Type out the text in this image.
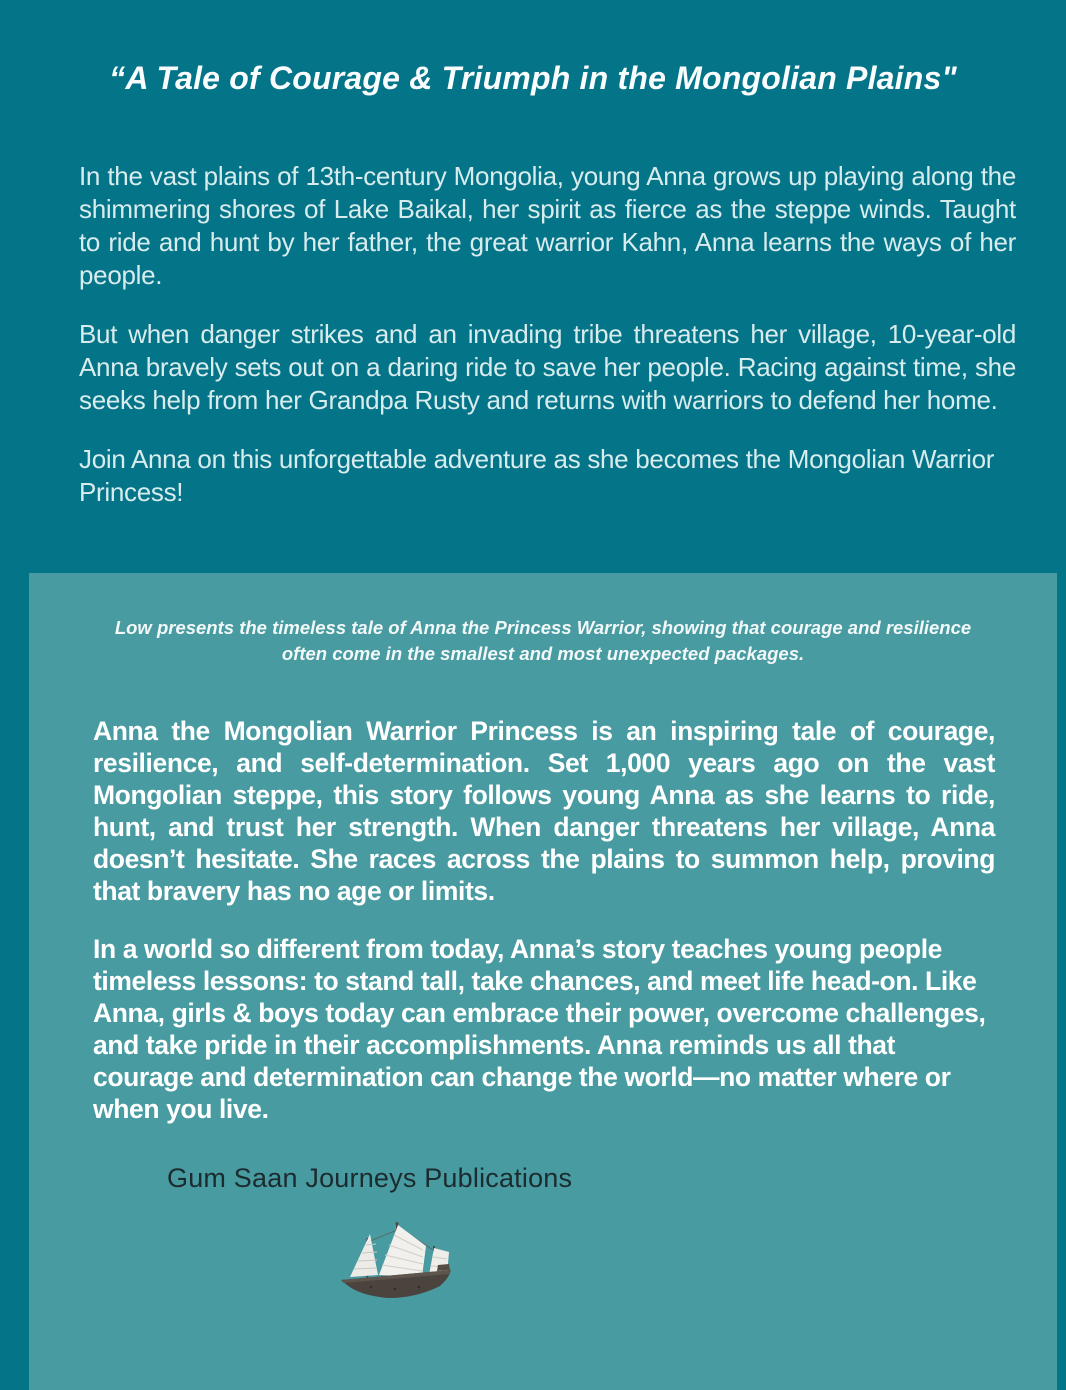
“A Tale of Courage & Triumph in the Mongolian Plains"

In the vast plains of 13th-century Mongolia, young Anna grows up playing along the shimmering shores of Lake Baikal, her spirit as fierce as the steppe winds. Taught to ride and hunt by her father, the great warrior Kahn, Anna learns the ways of her people.

But when danger strikes and an invading tribe threatens her village, 10-year-old Anna bravely sets out on a daring ride to save her people. Racing against time, she seeks help from her Grandpa Rusty and returns with warriors to defend her home.

Join Anna on this unforgettable adventure as she becomes the Mongolian Warrior Princess!

Low presents the timeless tale of Anna the Princess Warrior, showing that courage and resilience often come in the smallest and most unexpected packages.

Anna the Mongolian Warrior Princess is an inspiring tale of courage, resilience, and self-determination. Set 1,000 years ago on the vast Mongolian steppe, this story follows young Anna as she learns to ride, hunt, and trust her strength. When danger threatens her village, Anna doesn’t hesitate. She races across the plains to summon help, proving that bravery has no age or limits.

In a world so different from today, Anna’s story teaches young people timeless lessons: to stand tall, take chances, and meet life head-on. Like Anna, girls & boys today can embrace their power, overcome challenges, and take pride in their accomplishments. Anna reminds us all that courage and determination can change the world—no matter where or when you live.

Gum Saan Journeys Publications
